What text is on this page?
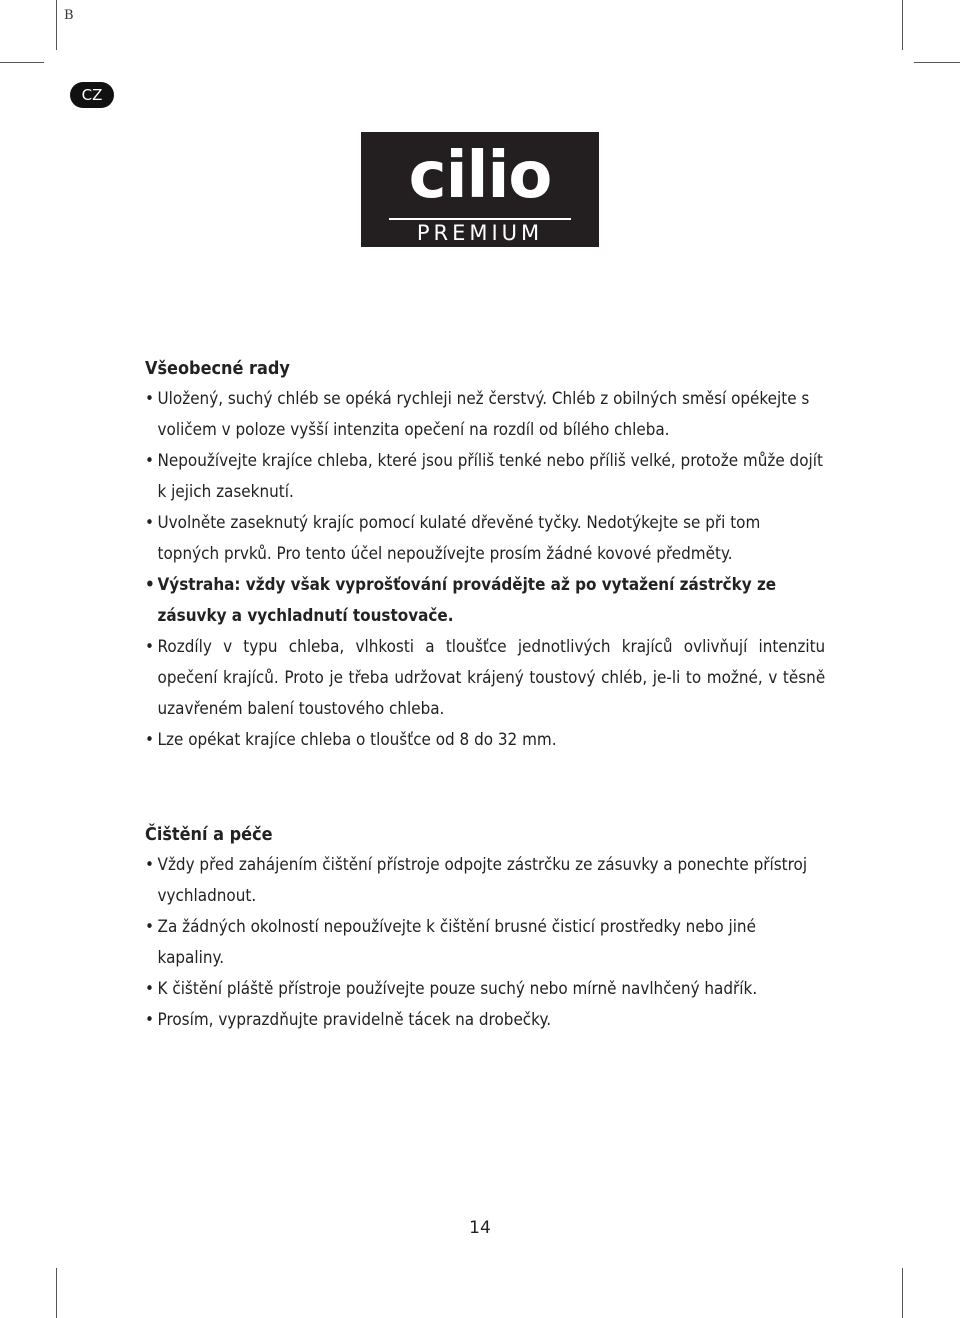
B
CZ
cilio
PREMIUM
Všeobecné rady
• Uložený, suchý chléb se opéká rychleji než čerstvý. Chléb z obilných směsí opékejte s voličem v poloze vyšší intenzita opečení na rozdíl od bílého chleba.
• Nepoužívejte krajíce chleba, které jsou příliš tenké nebo příliš velké, protože může dojít k jejich zaseknutí.
• Uvolněte zaseknutý krajíc pomocí kulaté dřevěné tyčky. Nedotýkejte se při tom topných prvků. Pro tento účel nepoužívejte prosím žádné kovové předměty.
• Výstraha: vždy však vyprošťování provádějte až po vytažení zástrčky ze zásuvky a vychladnutí toustovače.
• Rozdíly v typu chleba, vlhkosti a tloušťce jednotlivých krajíců ovlivňují intenzitu opečení krajíců. Proto je třeba udržovat krájený toustový chléb, je-li to možné, v těsně uzavřeném balení toustového chleba.
• Lze opékat krajíce chleba o tloušťce od 8 do 32 mm.
Čištění a péče
• Vždy před zahájením čištění přístroje odpojte zástrčku ze zásuvky a ponechte přístroj vychladnout.
• Za žádných okolností nepoužívejte k čištění brusné čisticí prostředky nebo jiné kapaliny.
• K čištění pláště přístroje používejte pouze suchý nebo mírně navlhčený hadřík.
• Prosím, vyprazdňujte pravidelně tácek na drobečky.
14
